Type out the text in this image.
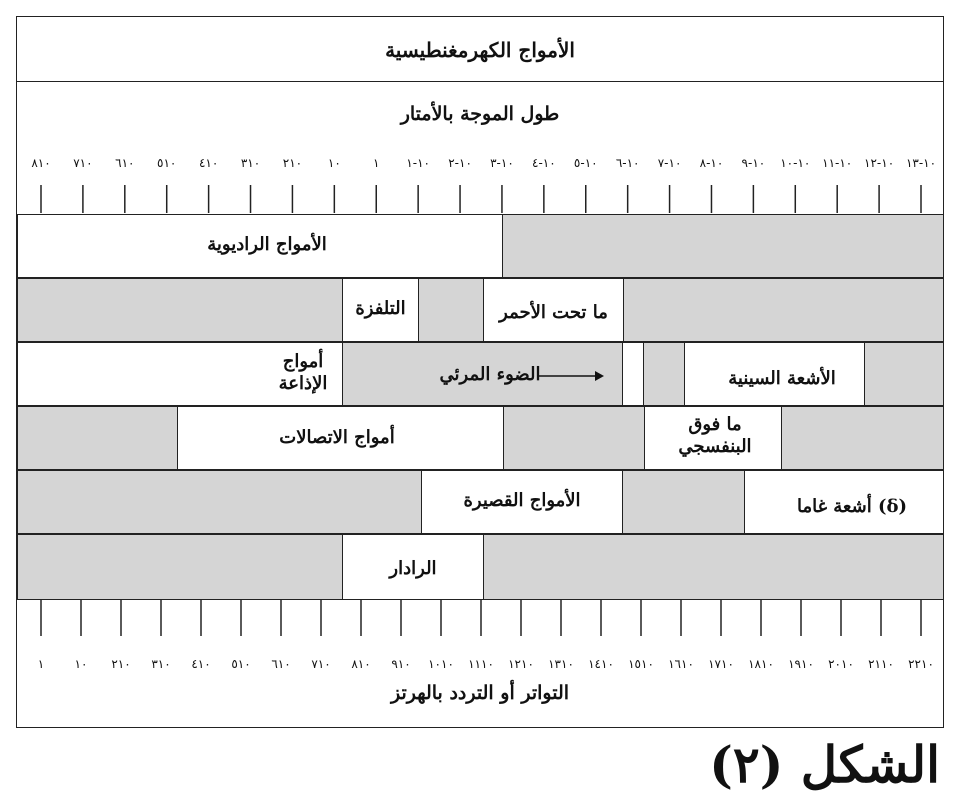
الأمواج الكهرمغنطيسية
طول الموجة بالأمتار
٨١٠ ٧١٠ ٦١٠ ٥١٠ ٤١٠ ٣١٠ ٢١٠ ١٠	١ ١٠-١ ١٠-٢ ١٠-٣ ١٠-٤ ١٠-٥ ١٠-٦ ١٠-٧ ١٠-٨ ١٠-٩ ١٠-١٠ ١٠-١١ ١٠-١٢ ١٠-١٣
الأمواج الراديوية
التلفزة	ما تحت الأحمر
أمواج الإذاعة	الضوء المرئي	الأشعة السينية
أمواج الاتصالات
ما فوق البنفسجي
الأمواج القصيرة	أشعة غاما (δ)
الرادار
١	١٠ ٢١٠ ٣١٠ ٤١٠ ٥١٠ ٦١٠ ٧١٠ ٨١٠ ٩١٠ ١٠١٠ ١١١٠ ١٢١٠ ١٣١٠ ١٤١٠ ١٥١٠ ١٦١٠ ١٧١٠ ١٨١٠ ١٩١٠ ٢٠١٠ ٢١١٠ ٢٢١٠
التواتر أو التردد بالهرتز
الشكل (٢)
